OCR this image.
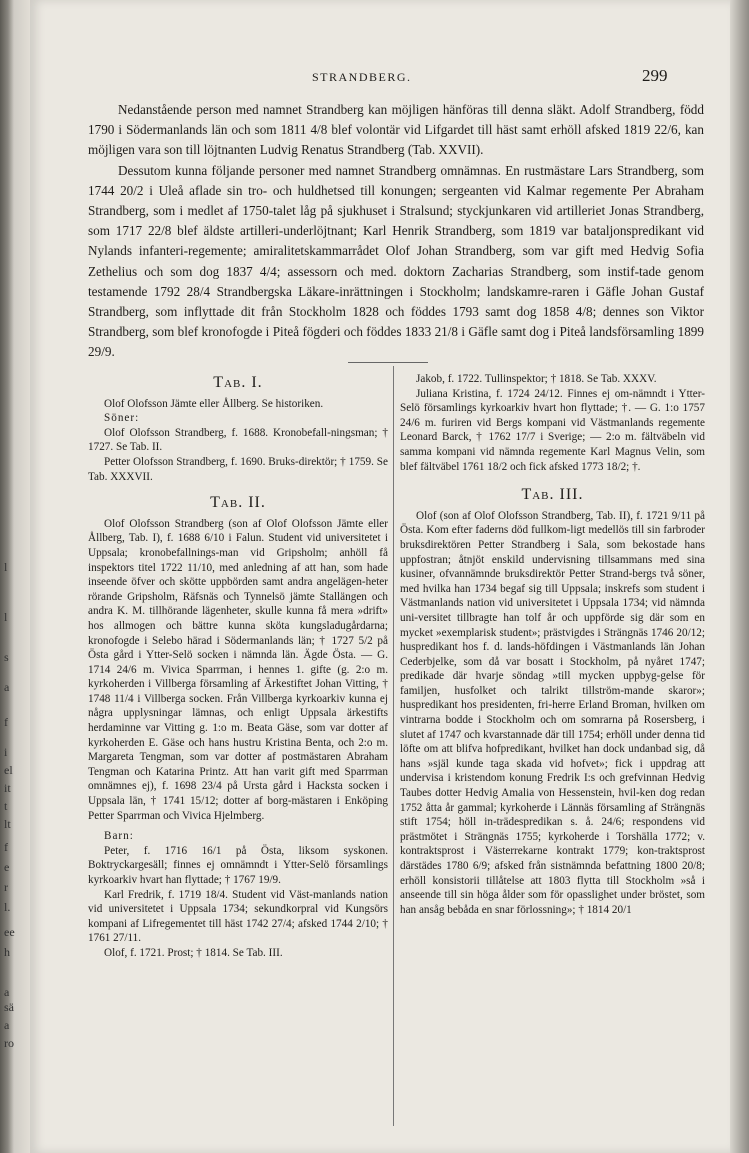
l
l
s
a
f
i
el
it
t
lt
f
e
r
l.
ee
h
a
sä
a
ro
STRANDBERG.	299

Nedanstående person med namnet Strandberg kan möjligen hänföras till denna släkt. Adolf Strandberg, född 1790 i Södermanlands län och som 1811 4/8 blef volontär vid Lifgardet till häst samt erhöll afsked 1819 22/6, kan möjligen vara son till löjtnanten Ludvig Renatus Strandberg (Tab. XXVII).

Dessutom kunna följande personer med namnet Strandberg omnämnas. En rustmästare Lars Strandberg, som 1744 20/2 i Uleå aflade sin tro- och huldhetsed till konungen; sergeanten vid Kalmar regemente Per Abraham Strandberg, som i medlet af 1750-talet låg på sjukhuset i Stralsund; styckjunkaren vid artilleriet Jonas Strandberg, som 1717 22/8 blef äldste artilleri-underlöjtnant; Karl Henrik Strandberg, som 1819 var bataljonspredikant vid Nylands infanteri-regemente; amiralitetskammarrådet Olof Johan Strandberg, som var gift med Hedvig Sofia Zethelius och som dog 1837 4/4; assessorn och med. doktorn Zacharias Strandberg, som instif-tade genom testamende 1792 28/4 Strandbergska Läkare-inrättningen i Stockholm; landskamre-raren i Gäfle Johan Gustaf Strandberg, som inflyttade dit från Stockholm 1828 och föddes 1793 samt dog 1858 4/8; dennes son Viktor Strandberg, som blef kronofogde i Piteå fögderi och föddes 1833 21/8 i Gäfle samt dog i Piteå landsförsamling 1899 29/9.

Tab. I.

Olof Olofsson Jämte eller Ållberg. Se historiken.

Söner:

Olof Olofsson Strandberg, f. 1688. Kronobefall-ningsman; † 1727. Se Tab. II.

Petter Olofsson Strandberg, f. 1690. Bruks-direktör; † 1759. Se Tab. XXXVII.

Tab. II.

Olof Olofsson Strandberg (son af Olof Olofsson Jämte eller Ållberg, Tab. I), f. 1688 6/10 i Falun. Student vid universitetet i Uppsala; kronobefallnings-man vid Gripsholm; anhöll få inspektors titel 1722 11/10, med anledning af att han, som hade inseende öfver och skötte uppbörden samt andra angelägen-heter rörande Gripsholm, Räfsnäs och Tynnelsö jämte Stallängen och andra K. M. tillhörande lägenheter, skulle kunna få mera »drift» hos allmogen och bättre kunna sköta kungsladugårdarna; kronofogde i Selebo härad i Södermanlands län; † 1727 5/2 på Östa gård i Ytter-Selö socken i nämnda län. Ägde Östa. — G. 1714 24/6 m. Vivica Sparrman, i hennes 1. gifte (g. 2:o m. kyrkoherden i Villberga församling af Ärkestiftet Johan Vitting, † 1748 11/4 i Villberga socken. Från Villberga kyrkoarkiv kunna ej några upplysningar lämnas, och enligt Uppsala ärkestifts herdaminne var Vitting g. 1:o m. Beata Gäse, som var dotter af kyrkoherden E. Gäse och hans hustru Kristina Benta, och 2:o m. Margareta Tengman, som var dotter af postmästaren Abraham Tengman och Katarina Printz. Att han varit gift med Sparrman omnämnes ej), f. 1698 23/4 på Ursta gård i Hacksta socken i Uppsala län, † 1741 15/12; dotter af borg-mästaren i Enköping Petter Sparrman och Vivica Hjelmberg.

Barn:

Peter, f. 1716 16/1 på Östa, liksom syskonen. Boktryckargesäll; finnes ej omnämndt i Ytter-Selö församlings kyrkoarkiv hvart han flyttade; † 1767 19/9.

Karl Fredrik, f. 1719 18/4. Student vid Väst-manlands nation vid universitetet i Uppsala 1734; sekundkorpral vid Kungsörs kompani af Lifregementet till häst 1742 27/4; afsked 1744 2/10; † 1761 27/11.

Olof, f. 1721. Prost; † 1814. Se Tab. III.

Jakob, f. 1722. Tullinspektor; † 1818. Se Tab. XXXV.

Juliana Kristina, f. 1724 24/12. Finnes ej om-nämndt i Ytter-Selö församlings kyrkoarkiv hvart hon flyttade; †. — G. 1:o 1757 24/6 m. furiren vid Bergs kompani vid Västmanlands regemente Leonard Barck, † 1762 17/7 i Sverige; — 2:o m. fältväbeln vid samma kompani vid nämnda regemente Karl Magnus Velin, som blef fältväbel 1761 18/2 och fick afsked 1773 18/2; †.

Tab. III.

Olof (son af Olof Olofsson Strandberg, Tab. II), f. 1721 9/11 på Östa. Kom efter faderns död fullkom-ligt medellös till sin farbroder bruksdirektören Petter Strandberg i Sala, som bekostade hans uppfostran; åtnjöt enskild undervisning tillsammans med sina kusiner, ofvannämnde bruksdirektör Petter Strand-bergs två söner, med hvilka han 1734 begaf sig till Uppsala; inskrefs som student i Västmanlands nation vid universitetet i Uppsala 1734; vid nämnda uni-versitet tillbragte han tolf år och uppförde sig där som en mycket »exemplarisk student»; prästvigdes i Strängnäs 1746 20/12; huspredikant hos f. d. lands-höfdingen i Västmanlands län Johan Cederbjelke, som då var bosatt i Stockholm, på nyåret 1747; predikade där hvarje söndag »till mycken uppbyg-gelse för familjen, husfolket och talrikt tillström-mande skaror»; huspredikant hos presidenten, fri-herre Erland Broman, hvilken om vintrarna bodde i Stockholm och om somrarna på Rosersberg, i slutet af 1747 och kvarstannade där till 1754; erhöll under denna tid löfte om att blifva hofpredikant, hvilket han dock undanbad sig, då hans »själ kunde taga skada vid hofvet»; fick i uppdrag att undervisa i kristendom konung Fredrik I:s och grefvinnan Hedvig Taubes dotter Hedvig Amalia von Hessenstein, hvil-ken dog redan 1752 åtta år gammal; kyrkoherde i Lännäs församling af Strängnäs stift 1754; höll in-trädespredikan s. å. 24/6; respondens vid prästmötet i Strängnäs 1755; kyrkoherde i Torshälla 1772; v. kontraktsprost i Västerrekarne kontrakt 1779; kon-traktsprost därstädes 1780 6/9; afsked från sistnämnda befattning 1800 20/8; erhöll konsistorii tillåtelse att 1803 flytta till Stockholm »så i anseende till sin höga ålder som för opasslighet under bröstet, som han ansåg bebåda en snar förlossning»; † 1814 20/1
